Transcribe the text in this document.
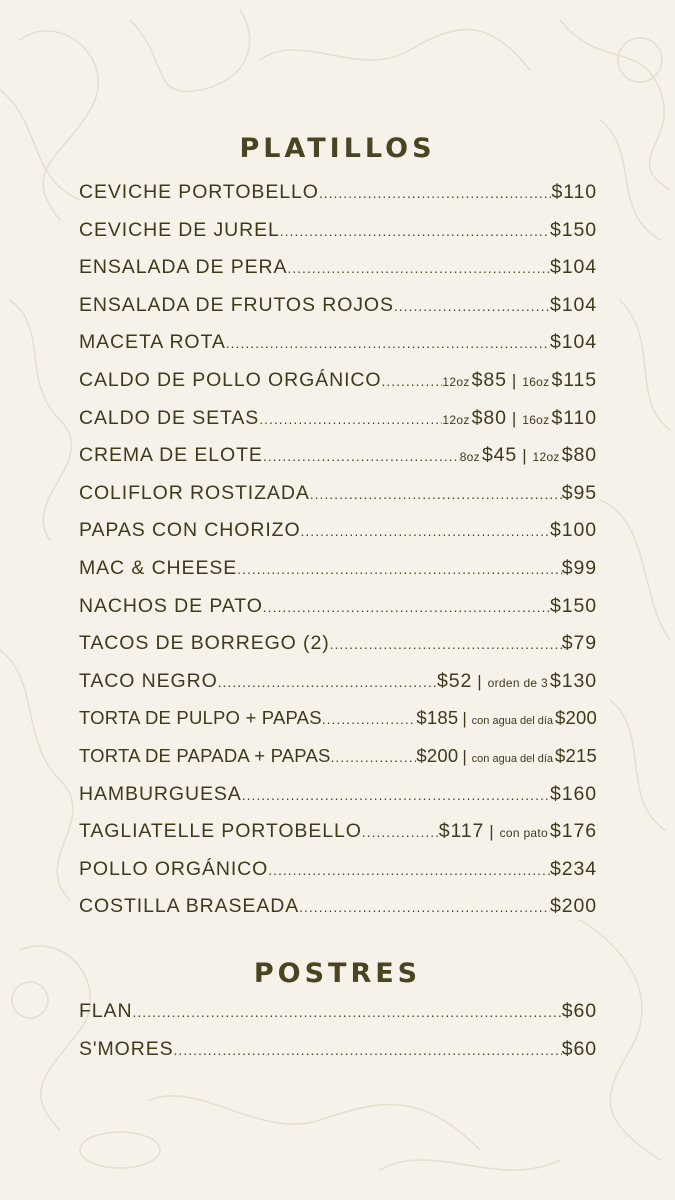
PLATILLOS
CEVICHE PORTOBELLO .....	$110
CEVICHE DE JUREL .....	$150
ENSALADA DE PERA .....	$104
ENSALADA DE FRUTOS ROJOS .....	$104
MACETA ROTA .....	$104
CALDO DE POLLO ORGÁNICO .....	12oz $85 | 16oz $115
CALDO DE SETAS .....	12oz $80 | 16oz $110
CREMA DE ELOTE .....	8oz $45 | 12oz $80
COLIFLOR ROSTIZADA .....	$95
PAPAS CON CHORIZO .....	$100
MAC & CHEESE .....	$99
NACHOS DE PATO .....	$150
TACOS DE BORREGO (2) .....	$79
TACO NEGRO .....	$52 | orden de 3 $130
TORTA DE PULPO + PAPAS .....	$185 | con agua del día $200
TORTA DE PAPADA + PAPAS .....	$200 | con agua del día $215
HAMBURGUESA .....	$160
TAGLIATELLE PORTOBELLO .....	$117 | con pato $176
POLLO ORGÁNICO .....	$234
COSTILLA BRASEADA .....	$200
POSTRES
FLAN .....	$60
S'MORES .....	$60
